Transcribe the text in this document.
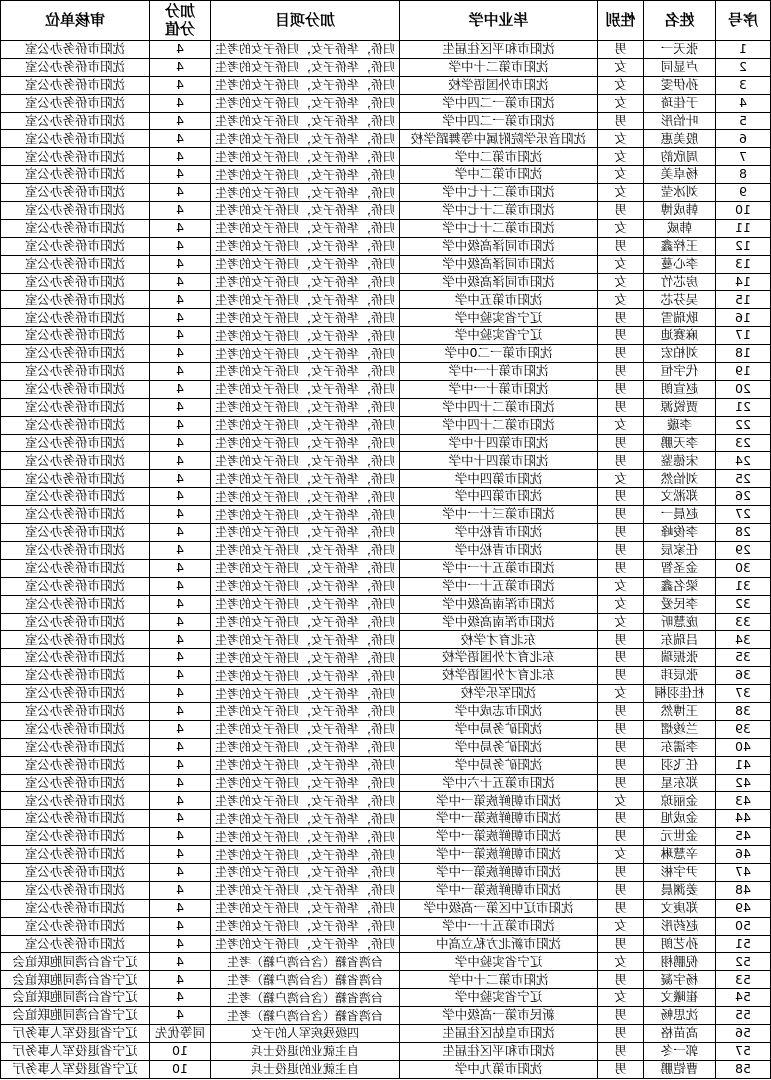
序号
姓名
性别
毕业中学
加分项目
加分分值
审核单位
1
张天一
男
沈阳市和平区往届生
归侨，华侨子女，归侨子女的考生
4
沈阳市侨务办公室
2
卢显同
女
沈阳市第二十中学
归侨，华侨子女，归侨子女的考生
4
沈阳市侨务办公室
3
孙伊雯
女
沈阳市外国语学校
归侨，华侨子女，归侨子女的考生
4
沈阳市侨务办公室
4
于佳琦
女
沈阳市第一二四中学
归侨，华侨子女，归侨子女的考生
4
沈阳市侨务办公室
5
叶怡彤
男
沈阳市第一二四中学
归侨，华侨子女，归侨子女的考生
4
沈阳市侨务办公室
6
殷美惠
女
沈阳音乐学院附属中等舞蹈学校
归侨，华侨子女，归侨子女的考生
4
沈阳市侨务办公室
7
周欣韵
女
沈阳市第二中学
归侨，华侨子女，归侨子女的考生
4
沈阳市侨务办公室
8
杨卓美
女
沈阳市第二中学
归侨，华侨子女，归侨子女的考生
4
沈阳市侨务办公室
9
刘冰莹
女
沈阳市第二十七中学
归侨，华侨子女，归侨子女的考生
4
沈阳市侨务办公室
10
韩成博
男
沈阳市第二十七中学
归侨，华侨子女，归侨子女的考生
4
沈阳市侨务办公室
11
韩威
女
沈阳市第二十七中学
归侨，华侨子女，归侨子女的考生
4
沈阳市侨务办公室
12
王梓鑫
男
沈阳市同泽高级中学
归侨，华侨子女，归侨子女的考生
4
沈阳市侨务办公室
13
李心蔓
女
沈阳市同泽高级中学
归侨，华侨子女，归侨子女的考生
4
沈阳市侨务办公室
14
房芯竹
女
沈阳市同泽高级中学
归侨，华侨子女，归侨子女的考生
4
沈阳市侨务办公室
15
吴芬芯
女
沈阳市第五中学
归侨，华侨子女，归侨子女的考生
4
沈阳市侨务办公室
16
耿瑞雪
男
辽宁省实验中学
归侨，华侨子女，归侨子女的考生
4
沈阳市侨务办公室
17
麻赛迪
男
辽宁省实验中学
归侨，华侨子女，归侨子女的考生
4
沈阳市侨务办公室
18
刘柏宏
男
沈阳市第一二0中学
归侨，华侨子女，归侨子女的考生
4
沈阳市侨务办公室
19
代宇恒
男
沈阳市第十一中学
归侨，华侨子女，归侨子女的考生
4
沈阳市侨务办公室
20
赵宣朗
男
沈阳市第十一中学
归侨，华侨子女，归侨子女的考生
4
沈阳市侨务办公室
21
贾锐源
男
沈阳市第二十四中学
归侨，华侨子女，归侨子女的考生
4
沈阳市侨务办公室
22
李璇
女
沈阳市第二十四中学
归侨，华侨子女，归侨子女的考生
4
沈阳市侨务办公室
23
李天鹏
男
沈阳市第四十中学
归侨，华侨子女，归侨子女的考生
4
沈阳市侨务办公室
24
宋德鉴
男
沈阳市第四十中学
归侨，华侨子女，归侨子女的考生
4
沈阳市侨务办公室
25
刘怡然
女
沈阳市第四中学
归侨，华侨子女，归侨子女的考生
4
沈阳市侨务办公室
26
郑淞文
男
沈阳市第四中学
归侨，华侨子女，归侨子女的考生
4
沈阳市侨务办公室
27
赵晨一
男
沈阳市第三十一中学
归侨，华侨子女，归侨子女的考生
4
沈阳市侨务办公室
28
李俊峰
男
沈阳市青松中学
归侨，华侨子女，归侨子女的考生
4
沈阳市侨务办公室
29
任家辰
男
沈阳市青松中学
归侨，华侨子女，归侨子女的考生
4
沈阳市侨务办公室
30
金圣智
男
沈阳市第五十一中学
归侨，华侨子女，归侨子女的考生
4
沈阳市侨务办公室
31
梁名鑫
女
沈阳市第五十一中学
归侨，华侨子女，归侨子女的考生
4
沈阳市侨务办公室
32
李民爱
女
沈阳市浑南高级中学
归侨，华侨子女，归侨子女的考生
4
沈阳市侨务办公室
33
庞慧昕
女
沈阳市浑南高级中学
归侨，华侨子女，归侨子女的考生
4
沈阳市侨务办公室
34
吕瑞东
男
东北育才学校
归侨，华侨子女，归侨子女的考生
4
沈阳市侨务办公室
35
张振瑞
男
东北育才外国语学校
归侨，华侨子女，归侨子女的考生
4
沈阳市侨务办公室
36
张辰玮
男
东北育才外国语学校
归侨，华侨子女，归侨子女的考生
4
沈阳市侨务办公室
37
杜佳羽桐
女
沈阳军乐学校
归侨，华侨子女，归侨子女的考生
4
沈阳市侨务办公室
38
王博然
男
沈阳市志成中学
归侨，华侨子女，归侨子女的考生
4
沈阳市侨务办公室
39
兰竣熠
男
沈阳矿务局中学
归侨，华侨子女，归侨子女的考生
4
沈阳市侨务办公室
40
李濡东
男
沈阳矿务局中学
归侨，华侨子女，归侨子女的考生
4
沈阳市侨务办公室
41
任飞羽
男
沈阳矿务局中学
归侨，华侨子女，归侨子女的考生
4
沈阳市侨务办公室
42
郑东星
男
沈阳市第五十六中学
归侨，华侨子女，归侨子女的考生
4
沈阳市侨务办公室
43
金丽琼
女
沈阳市朝鲜族第一中学
归侨，华侨子女，归侨子女的考生
4
沈阳市侨务办公室
44
金成旭
男
沈阳市朝鲜族第一中学
归侨，华侨子女，归侨子女的考生
4
沈阳市侨务办公室
45
金世元
男
沈阳市朝鲜族第一中学
归侨，华侨子女，归侨子女的考生
4
沈阳市侨务办公室
46
辛慧琳
女
沈阳市朝鲜族第一中学
归侨，华侨子女，归侨子女的考生
4
沈阳市侨务办公室
47
尹宇彬
男
沈阳市朝鲜族第一中学
归侨，华侨子女，归侨子女的考生
4
沈阳市侨务办公室
48
姜渊晨
男
沈阳市朝鲜族第一中学
归侨，华侨子女，归侨子女的考生
4
沈阳市侨务办公室
49
郑庚文
男
沈阳市辽中区第一高级中学
归侨，华侨子女，归侨子女的考生
4
沈阳市侨务办公室
50
赵药彤
女
沈阳市第五十一中学
归侨，华侨子女，归侨子女的考生
4
沈阳市侨务办公室
51
孙艺朗
男
沈阳市新北方私立高中
归侨，华侨子女，归侨子女的考生
4
沈阳市侨务办公室
52
倪鹏栩
女
辽宁省实验中学
台湾省籍（含台湾户籍）考生
4
辽宁省台湾同胞联谊会
53
杨宇凝
男
沈阳市第二十中学
台湾省籍（含台湾户籍）考生
4
辽宁省台湾同胞联谊会
54
崔曦文
女
辽宁省实验中学
台湾省籍（含台湾户籍）考生
4
辽宁省台湾同胞联谊会
55
沈思畅
男
新民市第一高级中学
台湾省籍（含台湾户籍）考生
4
辽宁省台湾同胞联谊会
56
高苗格
男
沈阳市皇姑区往届生
四级残疾军人的子女
同等优先
辽宁省退役军人事务厅
57
郭一冬
男
沈阳市和平区往届生
自主就业的退役士兵
10
辽宁省退役军人事务厅
58
曹铠鹏
男
沈阳市第九中学
自主就业的退役士兵
10
辽宁省退役军人事务厅
